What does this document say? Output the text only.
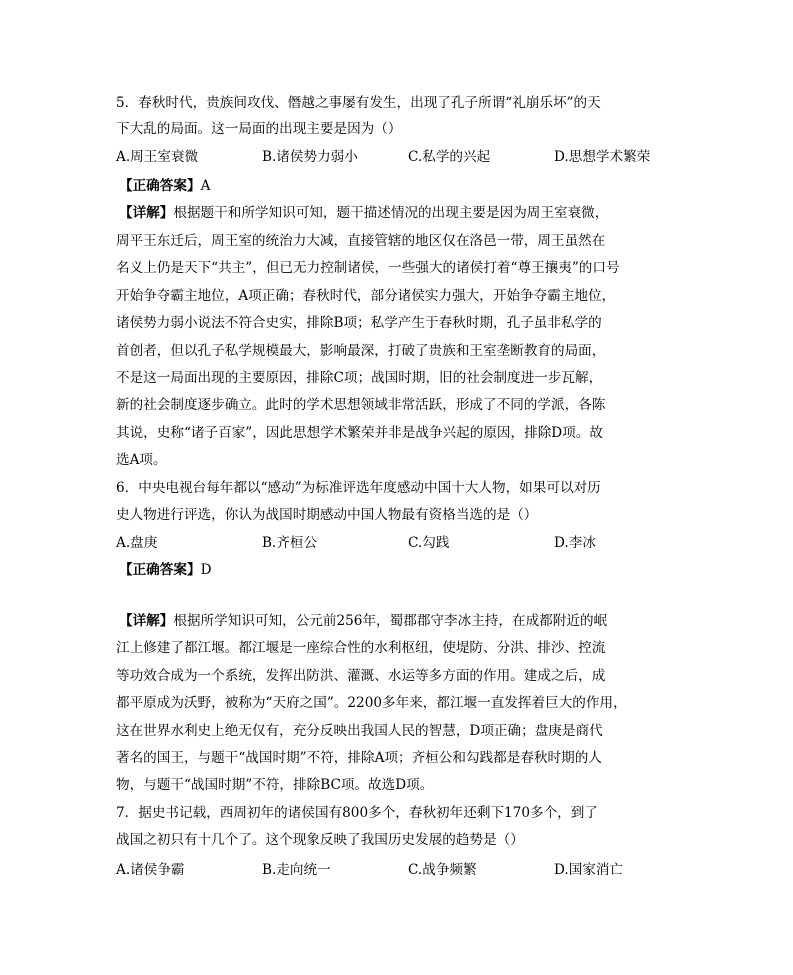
5．春秋时代，贵族间攻伐、僭越之事屡有发生，出现了孔子所谓“礼崩乐坏”的天
下大乱的局面。这一局面的出现主要是因为（）
A.周王室衰微	B.诸侯势力弱小	C.私学的兴起	D.思想学术繁荣
【正确答案】A
【详解】根据题干和所学知识可知，题干描述情况的出现主要是因为周王室衰微，
周平王东迁后，周王室的统治力大减，直接管辖的地区仅在洛邑一带，周王虽然在
名义上仍是天下“共主”，但已无力控制诸侯，一些强大的诸侯打着“尊王攘夷”的口号
开始争夺霸主地位，A项正确；春秋时代，部分诸侯实力强大，开始争夺霸主地位，
诸侯势力弱小说法不符合史实，排除B项；私学产生于春秋时期，孔子虽非私学的
首创者，但以孔子私学规模最大，影响最深，打破了贵族和王室垄断教育的局面，
不是这一局面出现的主要原因，排除C项；战国时期，旧的社会制度进一步瓦解，
新的社会制度逐步确立。此时的学术思想领域非常活跃，形成了不同的学派，各陈
其说，史称“诸子百家”，因此思想学术繁荣并非是战争兴起的原因，排除D项。故
选A项。
6．中央电视台每年都以“感动”为标准评选年度感动中国十大人物，如果可以对历
史人物进行评选，你认为战国时期感动中国人物最有资格当选的是（）
A.盘庚	B.齐桓公	C.勾践	D.李冰
【正确答案】D
【详解】根据所学知识可知，公元前256年，蜀郡郡守李冰主持，在成都附近的岷
江上修建了都江堰。都江堰是一座综合性的水利枢纽，使堤防、分洪、排沙、控流
等功效合成为一个系统，发挥出防洪、灌溉、水运等多方面的作用。建成之后，成
都平原成为沃野，被称为“天府之国”。2200多年来，都江堰一直发挥着巨大的作用，
这在世界水利史上绝无仅有，充分反映出我国人民的智慧，D项正确；盘庚是商代
著名的国王，与题干“战国时期”不符，排除A项；齐桓公和勾践都是春秋时期的人
物，与题干“战国时期”不符，排除BC项。故选D项。
7．据史书记载，西周初年的诸侯国有800多个，春秋初年还剩下170多个，到了
战国之初只有十几个了。这个现象反映了我国历史发展的趋势是（）
A.诸侯争霸	B.走向统一	C.战争频繁	D.国家消亡
